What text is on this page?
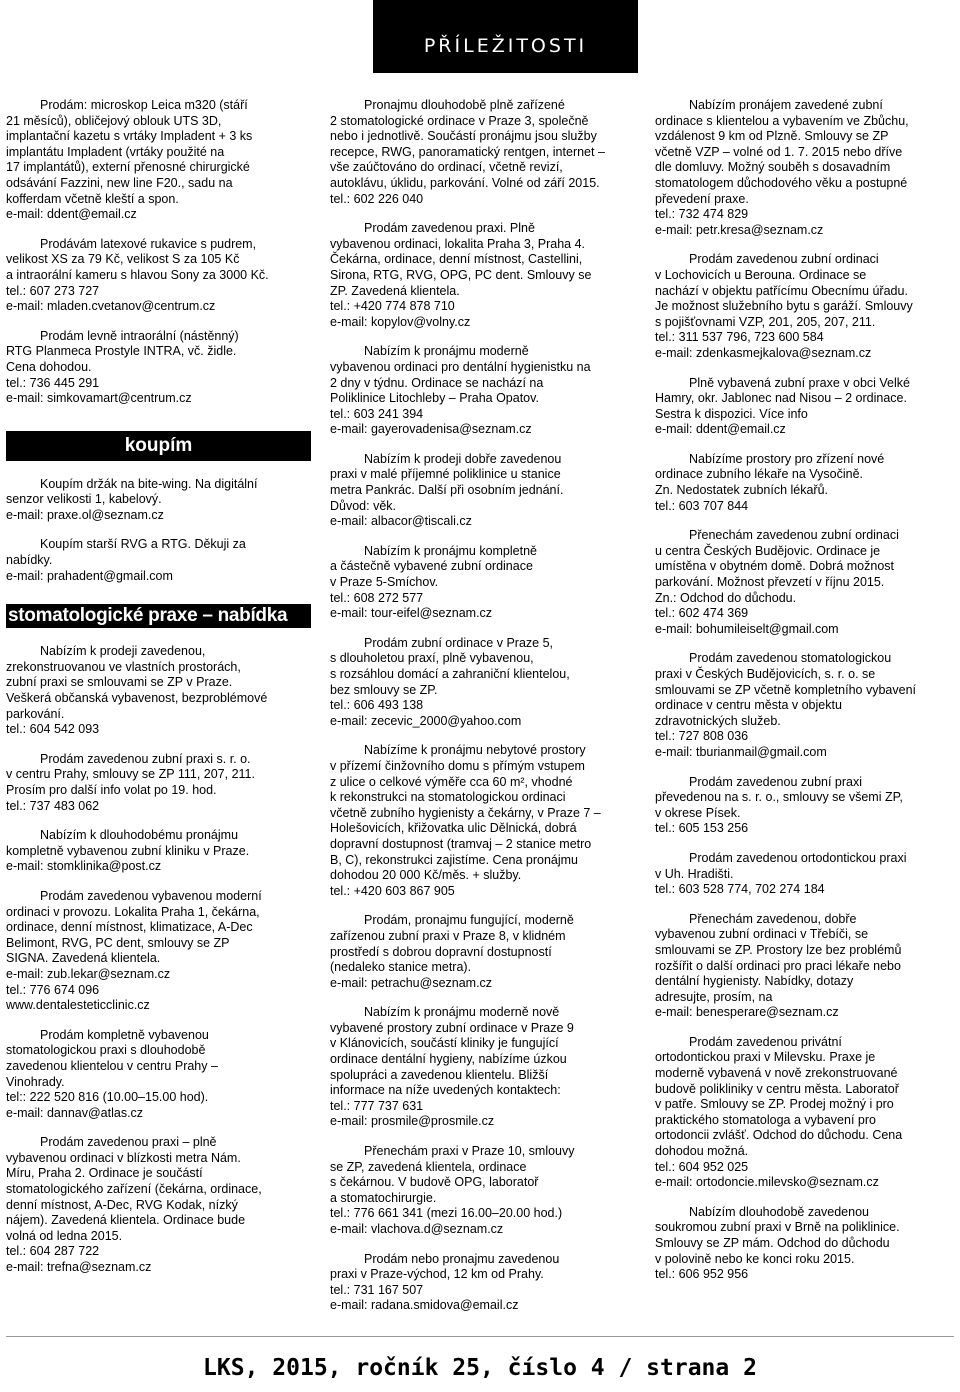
PŘÍLEŽITOSTI
Prodám: microskop Leica m320 (stáří
21 měsíců), obličejový oblouk UTS 3D,
implantační kazetu s vrtáky Impladent + 3 ks
implantátu Impladent (vrtáky použité na
17 implantátů), externí přenosné chirurgické
odsávání Fazzini, new line F20., sadu na
kofferdam včetně kleští a spon.
e-mail: ddent@email.cz
Prodávám latexové rukavice s pudrem,
velikost XS za 79 Kč, velikost S za 105 Kč
a intraorální kameru s hlavou Sony za 3000 Kč.
tel.: 607 273 727
e-mail: mladen.cvetanov@centrum.cz
Prodám levně intraorální (nástěnný)
RTG Planmeca Prostyle INTRA, vč. židle.
Cena dohodou.
tel.: 736 445 291
e-mail: simkovamart@centrum.cz
koupím
Koupím držák na bite-wing. Na digitální
senzor velikosti 1, kabelový.
e-mail: praxe.ol@seznam.cz
Koupím starší RVG a RTG. Děkuji za
nabídky.
e-mail: prahadent@gmail.com
stomatologické praxe – nabídka
Nabízím k prodeji zavedenou,
zrekonstruovanou ve vlastních prostorách,
zubní praxi se smlouvami se ZP v Praze.
Veškerá občanská vybavenost, bezproblémové
parkování.
tel.: 604 542 093
Prodám zavedenou zubní praxi s. r. o.
v centru Prahy, smlouvy se ZP 111, 207, 211.
Prosím pro další info volat po 19. hod.
tel.: 737 483 062
Nabízím k dlouhodobému pronájmu
kompletně vybavenou zubní kliniku v Praze.
e-mail: stomklinika@post.cz
Prodám zavedenou vybavenou moderní
ordinaci v provozu. Lokalita Praha 1, čekárna,
ordinace, denní místnost, klimatizace, A-Dec
Belimont, RVG, PC dent, smlouvy se ZP
SIGNA. Zavedená klientela.
e-mail: zub.lekar@seznam.cz
tel.: 776 674 096
www.dentalesteticclinic.cz
Prodám kompletně vybavenou
stomatologickou praxi s dlouhodobě
zavedenou klientelou v centru Prahy –
Vinohrady.
tel:: 222 520 816 (10.00–15.00 hod).
e-mail: dannav@atlas.cz
Prodám zavedenou praxi – plně
vybavenou ordinaci v blízkosti metra Nám.
Míru, Praha 2. Ordinace je součástí
stomatologického zařízení (čekárna, ordinace,
denní místnost, A-Dec, RVG Kodak, nízký
nájem). Zavedená klientela. Ordinace bude
volná od ledna 2015.
tel.: 604 287 722
e-mail: trefna@seznam.cz
Pronajmu dlouhodobě plně zařízené
2 stomatologické ordinace v Praze 3, společně
nebo i jednotlivě. Součástí pronájmu jsou služby
recepce, RWG, panoramatický rentgen, internet –
vše zaúčtováno do ordinací, včetně revizí,
autoklávu, úklidu, parkování. Volné od září 2015.
tel.: 602 226 040
Prodám zavedenou praxi. Plně
vybavenou ordinaci, lokalita Praha 3, Praha 4.
Čekárna, ordinace, denní místnost, Castellini,
Sirona, RTG, RVG, OPG, PC dent. Smlouvy se
ZP. Zavedená klientela.
tel.: +420 774 878 710
e-mail: kopylov@volny.cz
Nabízím k pronájmu moderně
vybavenou ordinaci pro dentální hygienistku na
2 dny v týdnu. Ordinace se nachází na
Poliklinice Litochleby – Praha Opatov.
tel.: 603 241 394
e-mail: gayerovadenisa@seznam.cz
Nabízím k prodeji dobře zavedenou
praxi v malé příjemné poliklinice u stanice
metra Pankrác. Další při osobním jednání.
Důvod: věk.
e-mail: albacor@tiscali.cz
Nabízím k pronájmu kompletně
a částečně vybavené zubní ordinace
v Praze 5-Smíchov.
tel.: 608 272 577
e-mail: tour-eifel@seznam.cz
Prodám zubní ordinace v Praze 5,
s dlouholetou praxí, plně vybavenou,
s rozsáhlou domácí a zahraniční klientelou,
bez smlouvy se ZP.
tel.: 606 493 138
e-mail: zecevic_2000@yahoo.com
Nabízíme k pronájmu nebytové prostory
v přízemí činžovního domu s přímým vstupem
z ulice o celkové výměře cca 60 m², vhodné
k rekonstrukci na stomatologickou ordinaci
včetně zubního hygienisty a čekárny, v Praze 7 –
Holešovicích, křižovatka ulic Dělnická, dobrá
dopravní dostupnost (tramvaj – 2 stanice metro
B, C), rekonstrukci zajistíme. Cena pronájmu
dohodou 20 000 Kč/měs. + služby.
tel.: +420 603 867 905
Prodám, pronajmu fungující, moderně
zařízenou zubní praxi v Praze 8, v klidném
prostředí s dobrou dopravní dostupností
(nedaleko stanice metra).
e-mail: petrachu@seznam.cz
Nabízím k pronájmu moderně nově
vybavené prostory zubní ordinace v Praze 9
v Klánovicích, součástí kliniky je fungující
ordinace dentální hygieny, nabízíme úzkou
spolupráci a zavedenou klientelu. Bližší
informace na níže uvedených kontaktech:
tel.: 777 737 631
e-mail: prosmile@prosmile.cz
Přenechám praxi v Praze 10, smlouvy
se ZP, zavedená klientela, ordinace
s čekárnou. V budově OPG, laboratoř
a stomatochirurgie.
tel.: 776 661 341 (mezi 16.00–20.00 hod.)
e-mail: vlachova.d@seznam.cz
Prodám nebo pronajmu zavedenou
praxi v Praze-východ, 12 km od Prahy.
tel.: 731 167 507
e-mail: radana.smidova@email.cz
Nabízím pronájem zavedené zubní
ordinace s klientelou a vybavením ve Zbůchu,
vzdálenost 9 km od Plzně. Smlouvy se ZP
včetně VZP – volné od 1. 7. 2015 nebo dříve
dle domluvy. Možný souběh s dosavadním
stomatologem důchodového věku a postupné
převedení praxe.
tel.: 732 474 829
e-mail: petr.kresa@seznam.cz
Prodám zavedenou zubní ordinaci
v Lochovicích u Berouna. Ordinace se
nachází v objektu patřícímu Obecnímu úřadu.
Je možnost služebního bytu s garáží. Smlouvy
s pojišťovnami VZP, 201, 205, 207, 211.
tel.: 311 537 796, 723 600 584
e-mail: zdenkasmejkalova@seznam.cz
Plně vybavená zubní praxe v obci Velké
Hamry, okr. Jablonec nad Nisou – 2 ordinace.
Sestra k dispozici. Více info
e-mail: ddent@email.cz
Nabízíme prostory pro zřízení nové
ordinace zubního lékaře na Vysočině.
Zn. Nedostatek zubních lékařů.
tel.: 603 707 844
Přenechám zavedenou zubní ordinaci
u centra Českých Budějovic. Ordinace je
umístěna v obytném domě. Dobrá možnost
parkování. Možnost převzetí v říjnu 2015.
Zn.: Odchod do důchodu.
tel.: 602 474 369
e-mail: bohumileiselt@gmail.com
Prodám zavedenou stomatologickou
praxi v Českých Budějovicích, s. r. o. se
smlouvami se ZP včetně kompletního vybavení
ordinace v centru města v objektu
zdravotnických služeb.
tel.: 727 808 036
e-mail: tburianmail@gmail.com
Prodám zavedenou zubní praxi
převedenou na s. r. o., smlouvy se všemi ZP,
v okrese Písek.
tel.: 605 153 256
Prodám zavedenou ortodontickou praxi
v Uh. Hradišti.
tel.: 603 528 774, 702 274 184
Přenechám zavedenou, dobře
vybavenou zubní ordinaci v Třebíči, se
smlouvami se ZP. Prostory lze bez problémů
rozšířit o další ordinaci pro praci lékaře nebo
dentální hygienisty. Nabídky, dotazy
adresujte, prosím, na
e-mail: benesperare@seznam.cz
Prodám zavedenou privátní
ortodontickou praxi v Milevsku. Praxe je
moderně vybavená v nově zrekonstruované
budově polikliniky v centru města. Laboratoř
v patře. Smlouvy se ZP. Prodej možný i pro
praktického stomatologa a vybavení pro
ortodoncii zvlášť. Odchod do důchodu. Cena
dohodou možná.
tel.: 604 952 025
e-mail: ortodoncie.milevsko@seznam.cz
Nabízím dlouhodobě zavedenou
soukromou zubní praxi v Brně na poliklinice.
Smlouvy se ZP mám. Odchod do důchodu
v polovině nebo ke konci roku 2015.
tel.: 606 952 956
LKS, 2015, ročník 25, číslo 4 / strana 2
